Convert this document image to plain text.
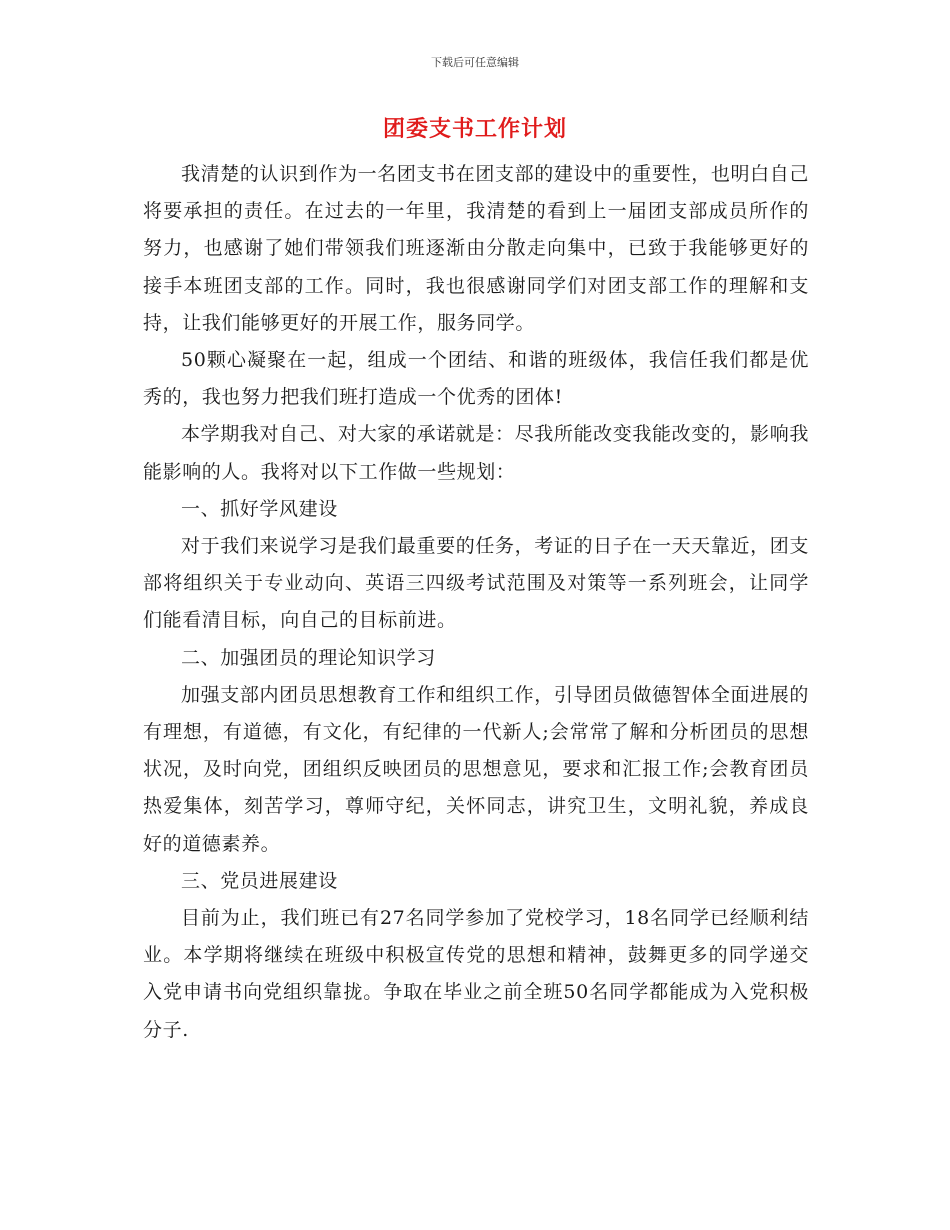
下载后可任意编辑
团委支书工作计划

我清楚的认识到作为一名团支书在团支部的建设中的重要性，也明白自己将要承担的责任。在过去的一年里，我清楚的看到上一届团支部成员所作的努力，也感谢了她们带领我们班逐渐由分散走向集中，已致于我能够更好的接手本班团支部的工作。同时，我也很感谢同学们对团支部工作的理解和支持，让我们能够更好的开展工作，服务同学。

50颗心凝聚在一起，组成一个团结、和谐的班级体，我信任我们都是优秀的，我也努力把我们班打造成一个优秀的团体!

本学期我对自己、对大家的承诺就是：尽我所能改变我能改变的，影响我能影响的人。我将对以下工作做一些规划：

一、抓好学风建设

对于我们来说学习是我们最重要的任务，考证的日子在一天天靠近，团支部将组织关于专业动向、英语三四级考试范围及对策等一系列班会，让同学们能看清目标，向自己的目标前进。

二、加强团员的理论知识学习

加强支部内团员思想教育工作和组织工作，引导团员做德智体全面进展的有理想，有道德，有文化，有纪律的一代新人;会常常了解和分析团员的思想状况，及时向党，团组织反映团员的思想意见，要求和汇报工作;会教育团员热爱集体，刻苦学习，尊师守纪，关怀同志，讲究卫生，文明礼貌，养成良好的道德素养。

三、党员进展建设

目前为止，我们班已有27名同学参加了党校学习，18名同学已经顺利结业。本学期将继续在班级中积极宣传党的思想和精神，鼓舞更多的同学递交入党申请书向党组织靠拢。争取在毕业之前全班50名同学都能成为入党积极分子.
